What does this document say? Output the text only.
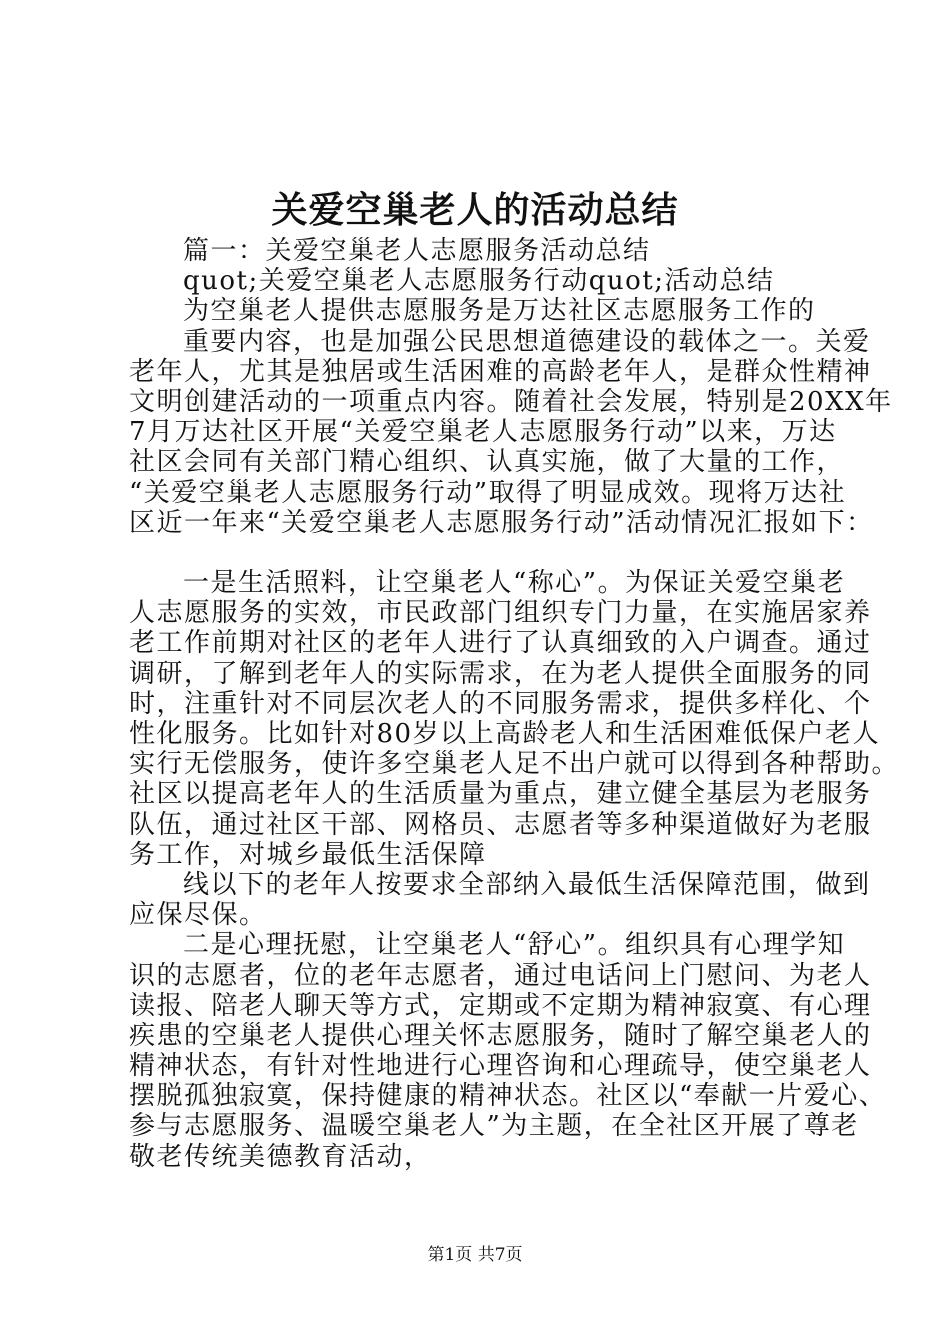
关爱空巢老人的活动总结
篇一：关爱空巢老人志愿服务活动总结
quot;关爱空巢老人志愿服务行动quot;活动总结
为空巢老人提供志愿服务是万达社区志愿服务工作的
重要内容，也是加强公民思想道德建设的载体之一。关爱
老年人，尤其是独居或生活困难的高龄老年人，是群众性精神
文明创建活动的一项重点内容。随着社会发展，特别是20XX年
7月万达社区开展“关爱空巢老人志愿服务行动”以来，万达
社区会同有关部门精心组织、认真实施，做了大量的工作，
“关爱空巢老人志愿服务行动”取得了明显成效。现将万达社
区近一年来“关爱空巢老人志愿服务行动”活动情况汇报如下：
一是生活照料，让空巢老人“称心”。为保证关爱空巢老
人志愿服务的实效，市民政部门组织专门力量，在实施居家养
老工作前期对社区的老年人进行了认真细致的入户调查。通过
调研，了解到老年人的实际需求，在为老人提供全面服务的同
时，注重针对不同层次老人的不同服务需求，提供多样化、个
性化服务。比如针对80岁以上高龄老人和生活困难低保户老人
实行无偿服务，使许多空巢老人足不出户就可以得到各种帮助。
社区以提高老年人的生活质量为重点，建立健全基层为老服务
队伍，通过社区干部、网格员、志愿者等多种渠道做好为老服
务工作，对城乡最低生活保障
线以下的老年人按要求全部纳入最低生活保障范围，做到
应保尽保。
二是心理抚慰，让空巢老人“舒心”。组织具有心理学知
识的志愿者，位的老年志愿者，通过电话问上门慰问、为老人
读报、陪老人聊天等方式，定期或不定期为精神寂寞、有心理
疾患的空巢老人提供心理关怀志愿服务，随时了解空巢老人的
精神状态，有针对性地进行心理咨询和心理疏导，使空巢老人
摆脱孤独寂寞，保持健康的精神状态。社区以“奉献一片爱心、
参与志愿服务、温暖空巢老人”为主题，在全社区开展了尊老
敬老传统美德教育活动，
第1页 共7页
